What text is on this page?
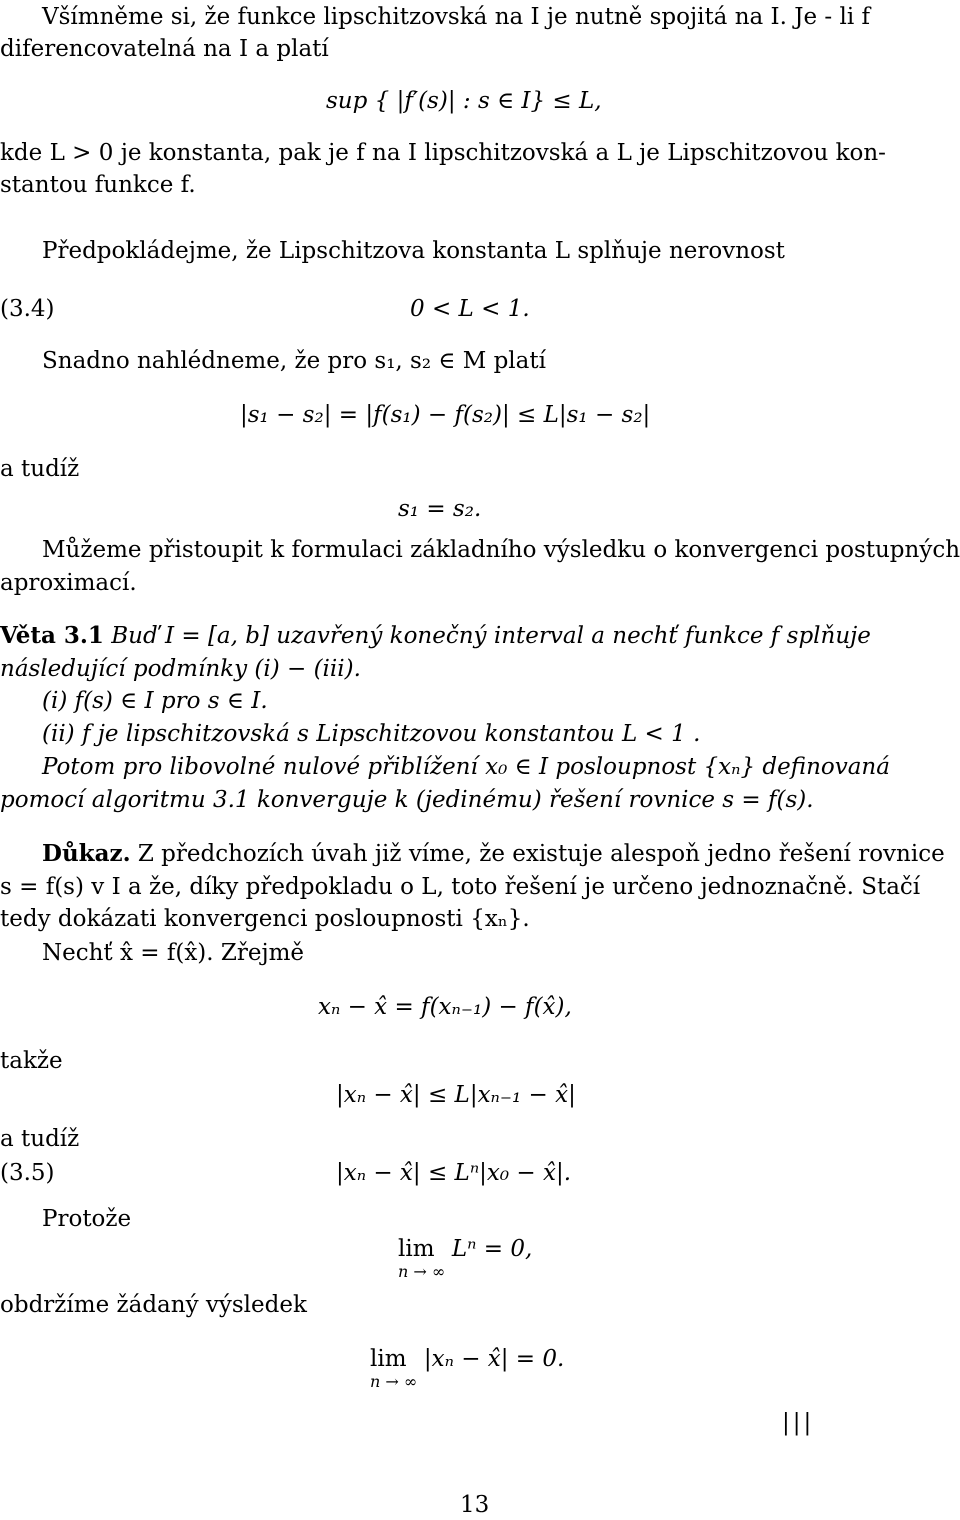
Všímněme si, že funkce lipschitzovská na I je nutně spojitá na I. Je - li f
diferencovatelná na I a platí
sup { |f′(s)| : s ∈ I} ≤ L,
kde L > 0 je konstanta, pak je f na I lipschitzovská a L je Lipschitzovou kon-
stantou funkce f.
Předpokládejme, že Lipschitzova konstanta L splňuje nerovnost
(3.4)	0 < L < 1.
Snadno nahlédneme, že pro s₁, s₂ ∈ M platí
|s₁ − s₂| = |f(s₁) − f(s₂)| ≤ L|s₁ − s₂|
a tudíž
s₁ = s₂.
Můžeme přistoupit k formulaci základního výsledku o konvergenci postupných
aproximací.
Věta 3.1 Buď I = [a, b] uzavřený konečný interval a nechť funkce f splňuje
následující podmínky (i) − (iii).
(i) f(s) ∈ I pro s ∈ I.
(ii) f je lipschitzovská s Lipschitzovou konstantou L < 1 .
Potom pro libovolné nulové přiblížení x₀ ∈ I posloupnost {xₙ} definovaná
pomocí algoritmu 3.1 konverguje k (jedinému) řešení rovnice s = f(s).
Důkaz. Z předchozích úvah již víme, že existuje alespoň jedno řešení rovnice
s = f(s) v I a že, díky předpokladu o L, toto řešení je určeno jednoznačně. Stačí
tedy dokázati konvergenci posloupnosti {xₙ}.
Nechť x̂ = f(x̂). Zřejmě
xₙ − x̂ = f(xₙ₋₁) − f(x̂),
takže
|xₙ − x̂| ≤ L|xₙ₋₁ − x̂|
a tudíž
(3.5)	|xₙ − x̂| ≤ Lⁿ|x₀ − x̂|.
Protože
lim
n → ∞
Lⁿ = 0,
obdržíme žádaný výsledek
lim
n → ∞
|xₙ − x̂| = 0.
|||
13
